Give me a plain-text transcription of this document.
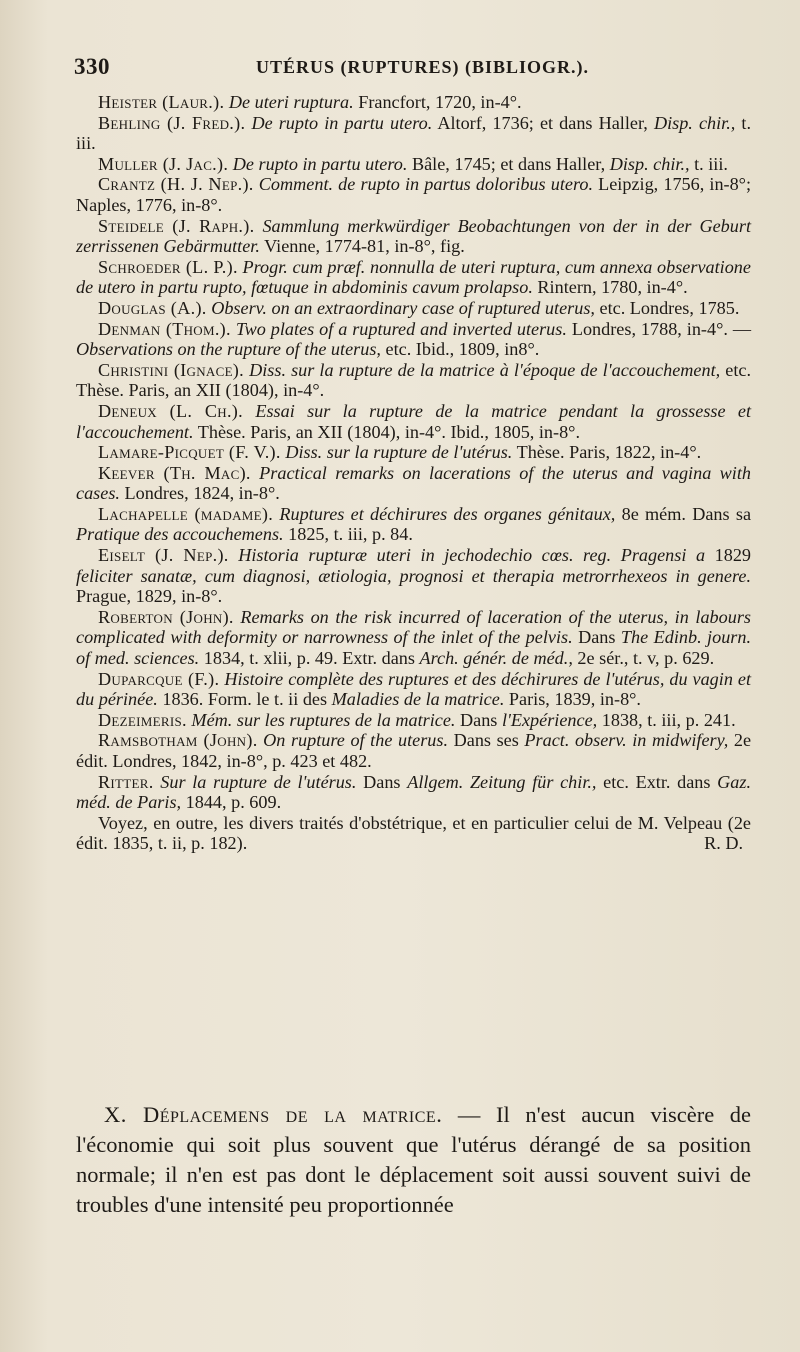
330	UTÉRUS (RUPTURES) (BIBLIOGR.).

Heister (Laur.). De uteri ruptura. Francfort, 1720, in-4°.

Behling (J. Fred.). De rupto in partu utero. Altorf, 1736; et dans Haller, Disp. chir., t. iii.

Muller (J. Jac.). De rupto in partu utero. Bâle, 1745; et dans Haller, Disp. chir., t. iii.

Crantz (H. J. Nep.). Comment. de rupto in partus doloribus utero. Leipzig, 1756, in-8°; Naples, 1776, in-8°.

Steidele (J. Raph.). Sammlung merkwürdiger Beobachtungen von der in der Geburt zerrissenen Gebärmutter. Vienne, 1774-81, in-8°, fig.

Schroeder (L. P.). Progr. cum præf. nonnulla de uteri ruptura, cum annexa observatione de utero in partu rupto, fœtuque in abdominis cavum prolapso. Rintern, 1780, in-4°.

Douglas (A.). Observ. on an extraordinary case of ruptured uterus, etc. Londres, 1785.

Denman (Thom.). Two plates of a ruptured and inverted uterus. Londres, 1788, in-4°. — Observations on the rupture of the uterus, etc. Ibid., 1809, in8°.

Christini (Ignace). Diss. sur la rupture de la matrice à l'époque de l'accouchement, etc. Thèse. Paris, an XII (1804), in-4°.

Deneux (L. Ch.). Essai sur la rupture de la matrice pendant la grossesse et l'accouchement. Thèse. Paris, an XII (1804), in-4°. Ibid., 1805, in-8°.

Lamare-Picquet (F. V.). Diss. sur la rupture de l'utérus. Thèse. Paris, 1822, in-4°.

Keever (Th. Mac). Practical remarks on lacerations of the uterus and vagina with cases. Londres, 1824, in-8°.

Lachapelle (madame). Ruptures et déchirures des organes génitaux, 8e mém. Dans sa Pratique des accouchemens. 1825, t. iii, p. 84.

Eiselt (J. Nep.). Historia rupturæ uteri in jechodechio cœs. reg. Pragensi a 1829 feliciter sanatæ, cum diagnosi, ætiologia, prognosi et therapia metrorrhexeos in genere. Prague, 1829, in-8°.

Roberton (John). Remarks on the risk incurred of laceration of the uterus, in labours complicated with deformity or narrowness of the inlet of the pelvis. Dans The Edinb. journ. of med. sciences. 1834, t. xlii, p. 49. Extr. dans Arch. génér. de méd., 2e sér., t. v, p. 629.

Duparcque (F.). Histoire complète des ruptures et des déchirures de l'utérus, du vagin et du périnée. 1836. Form. le t. ii des Maladies de la matrice. Paris, 1839, in-8°.

Dezeimeris. Mém. sur les ruptures de la matrice. Dans l'Expérience, 1838, t. iii, p. 241.

Ramsbotham (John). On rupture of the uterus. Dans ses Pract. observ. in midwifery, 2e édit. Londres, 1842, in-8°, p. 423 et 482.

Ritter. Sur la rupture de l'utérus. Dans Allgem. Zeitung für chir., etc. Extr. dans Gaz. méd. de Paris, 1844, p. 609.

Voyez, en outre, les divers traités d'obstétrique, et en particulier celui de M. Velpeau (2e édit. 1835, t. ii, p. 182).	R. D.

X. Déplacemens de la matrice. — Il n'est aucun viscère de l'économie qui soit plus souvent que l'utérus dérangé de sa position normale; il n'en est pas dont le déplacement soit aussi souvent suivi de troubles d'une intensité peu proportionnée
